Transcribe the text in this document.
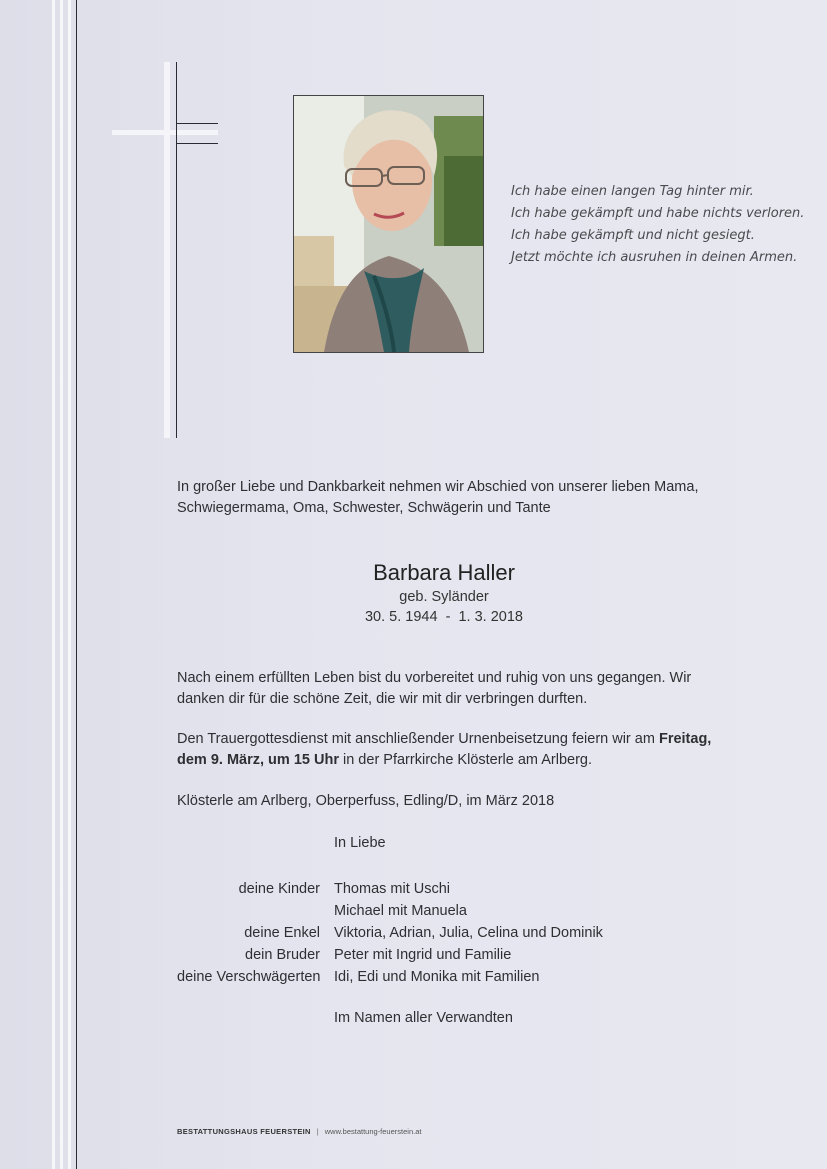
Ich habe einen langen Tag hinter mir.
Ich habe gekämpft und habe nichts verloren.
Ich habe gekämpft und nicht gesiegt.
Jetzt möchte ich ausruhen in deinen Armen.
In großer Liebe und Dankbarkeit nehmen wir Abschied von unserer lieben Mama,
Schwiegermama, Oma, Schwester, Schwägerin und Tante
Barbara Haller
geb. Syländer
30. 5. 1944  -  1. 3. 2018
Nach einem erfüllten Leben bist du vorbereitet und ruhig von uns gegangen. Wir
danken dir für die schöne Zeit, die wir mit dir verbringen durften.
Den Trauergottesdienst mit anschließender Urnenbeisetzung feiern wir am Freitag,
dem 9. März, um 15 Uhr in der Pfarrkirche Klösterle am Arlberg.
Klösterle am Arlberg, Oberperfuss, Edling/D, im März 2018
In Liebe
deine Kinder Thomas mit Uschi
Michael mit Manuela
deine Enkel Viktoria, Adrian, Julia, Celina und Dominik
dein Bruder Peter mit Ingrid und Familie
deine Verschwägerten Idi, Edi und Monika mit Familien
Im Namen aller Verwandten
BESTATTUNGSHAUS FEUERSTEIN | www.bestattung-feuerstein.at
